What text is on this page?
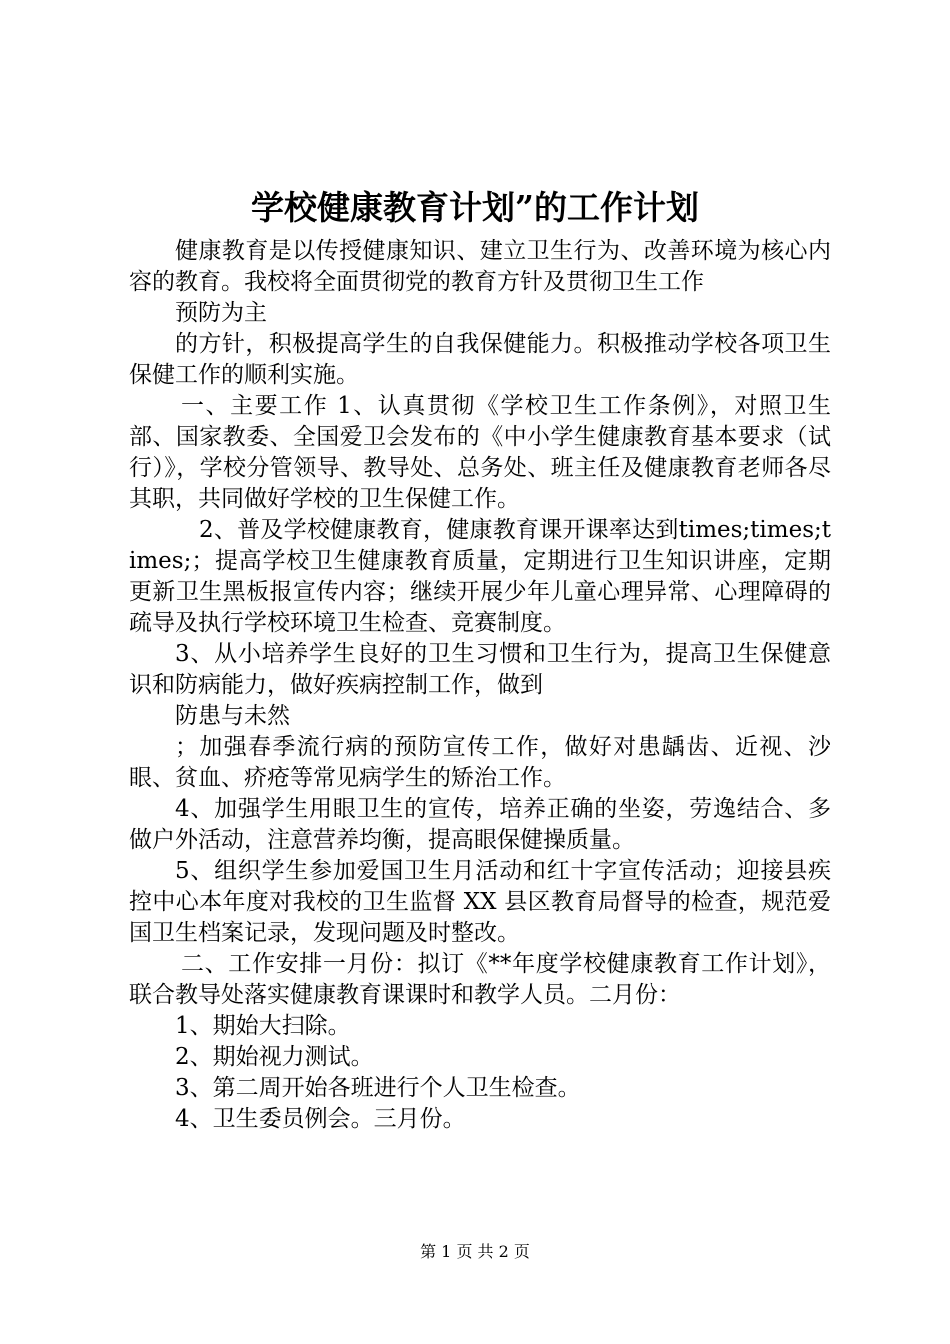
学校健康教育计划”的工作计划

健康教育是以传授健康知识、建立卫生行为、改善环境为核心内容的教育。我校将全面贯彻党的教育方针及贯彻卫生工作

预防为主

的方针，积极提高学生的自我保健能力。积极推动学校各项卫生保健工作的顺利实施。

一、主要工作 1、认真贯彻《学校卫生工作条例》，对照卫生部、国家教委、全国爱卫会发布的《中小学生健康教育基本要求（试行）》，学校分管领导、教导处、总务处、班主任及健康教育老师各尽其职，共同做好学校的卫生保健工作。

2、普及学校健康教育，健康教育课开课率达到times;times;times;；提高学校卫生健康教育质量，定期进行卫生知识讲座，定期更新卫生黑板报宣传内容；继续开展少年儿童心理异常、心理障碍的疏导及执行学校环境卫生检查、竞赛制度。

3、从小培养学生良好的卫生习惯和卫生行为，提高卫生保健意识和防病能力，做好疾病控制工作，做到

防患与未然

；加强春季流行病的预防宣传工作，做好对患龋齿、近视、沙眼、贫血、疥疮等常见病学生的矫治工作。

4、加强学生用眼卫生的宣传，培养正确的坐姿，劳逸结合、多做户外活动，注意营养均衡，提高眼保健操质量。

5、组织学生参加爱国卫生月活动和红十字宣传活动；迎接县疾控中心本年度对我校的卫生监督 XX 县区教育局督导的检查，规范爱国卫生档案记录，发现问题及时整改。

二、工作安排一月份：拟订《**年度学校健康教育工作计划》，联合教导处落实健康教育课课时和教学人员。二月份：

1、期始大扫除。

2、期始视力测试。

3、第二周开始各班进行个人卫生检查。

4、卫生委员例会。三月份。

第 1 页 共 2 页
